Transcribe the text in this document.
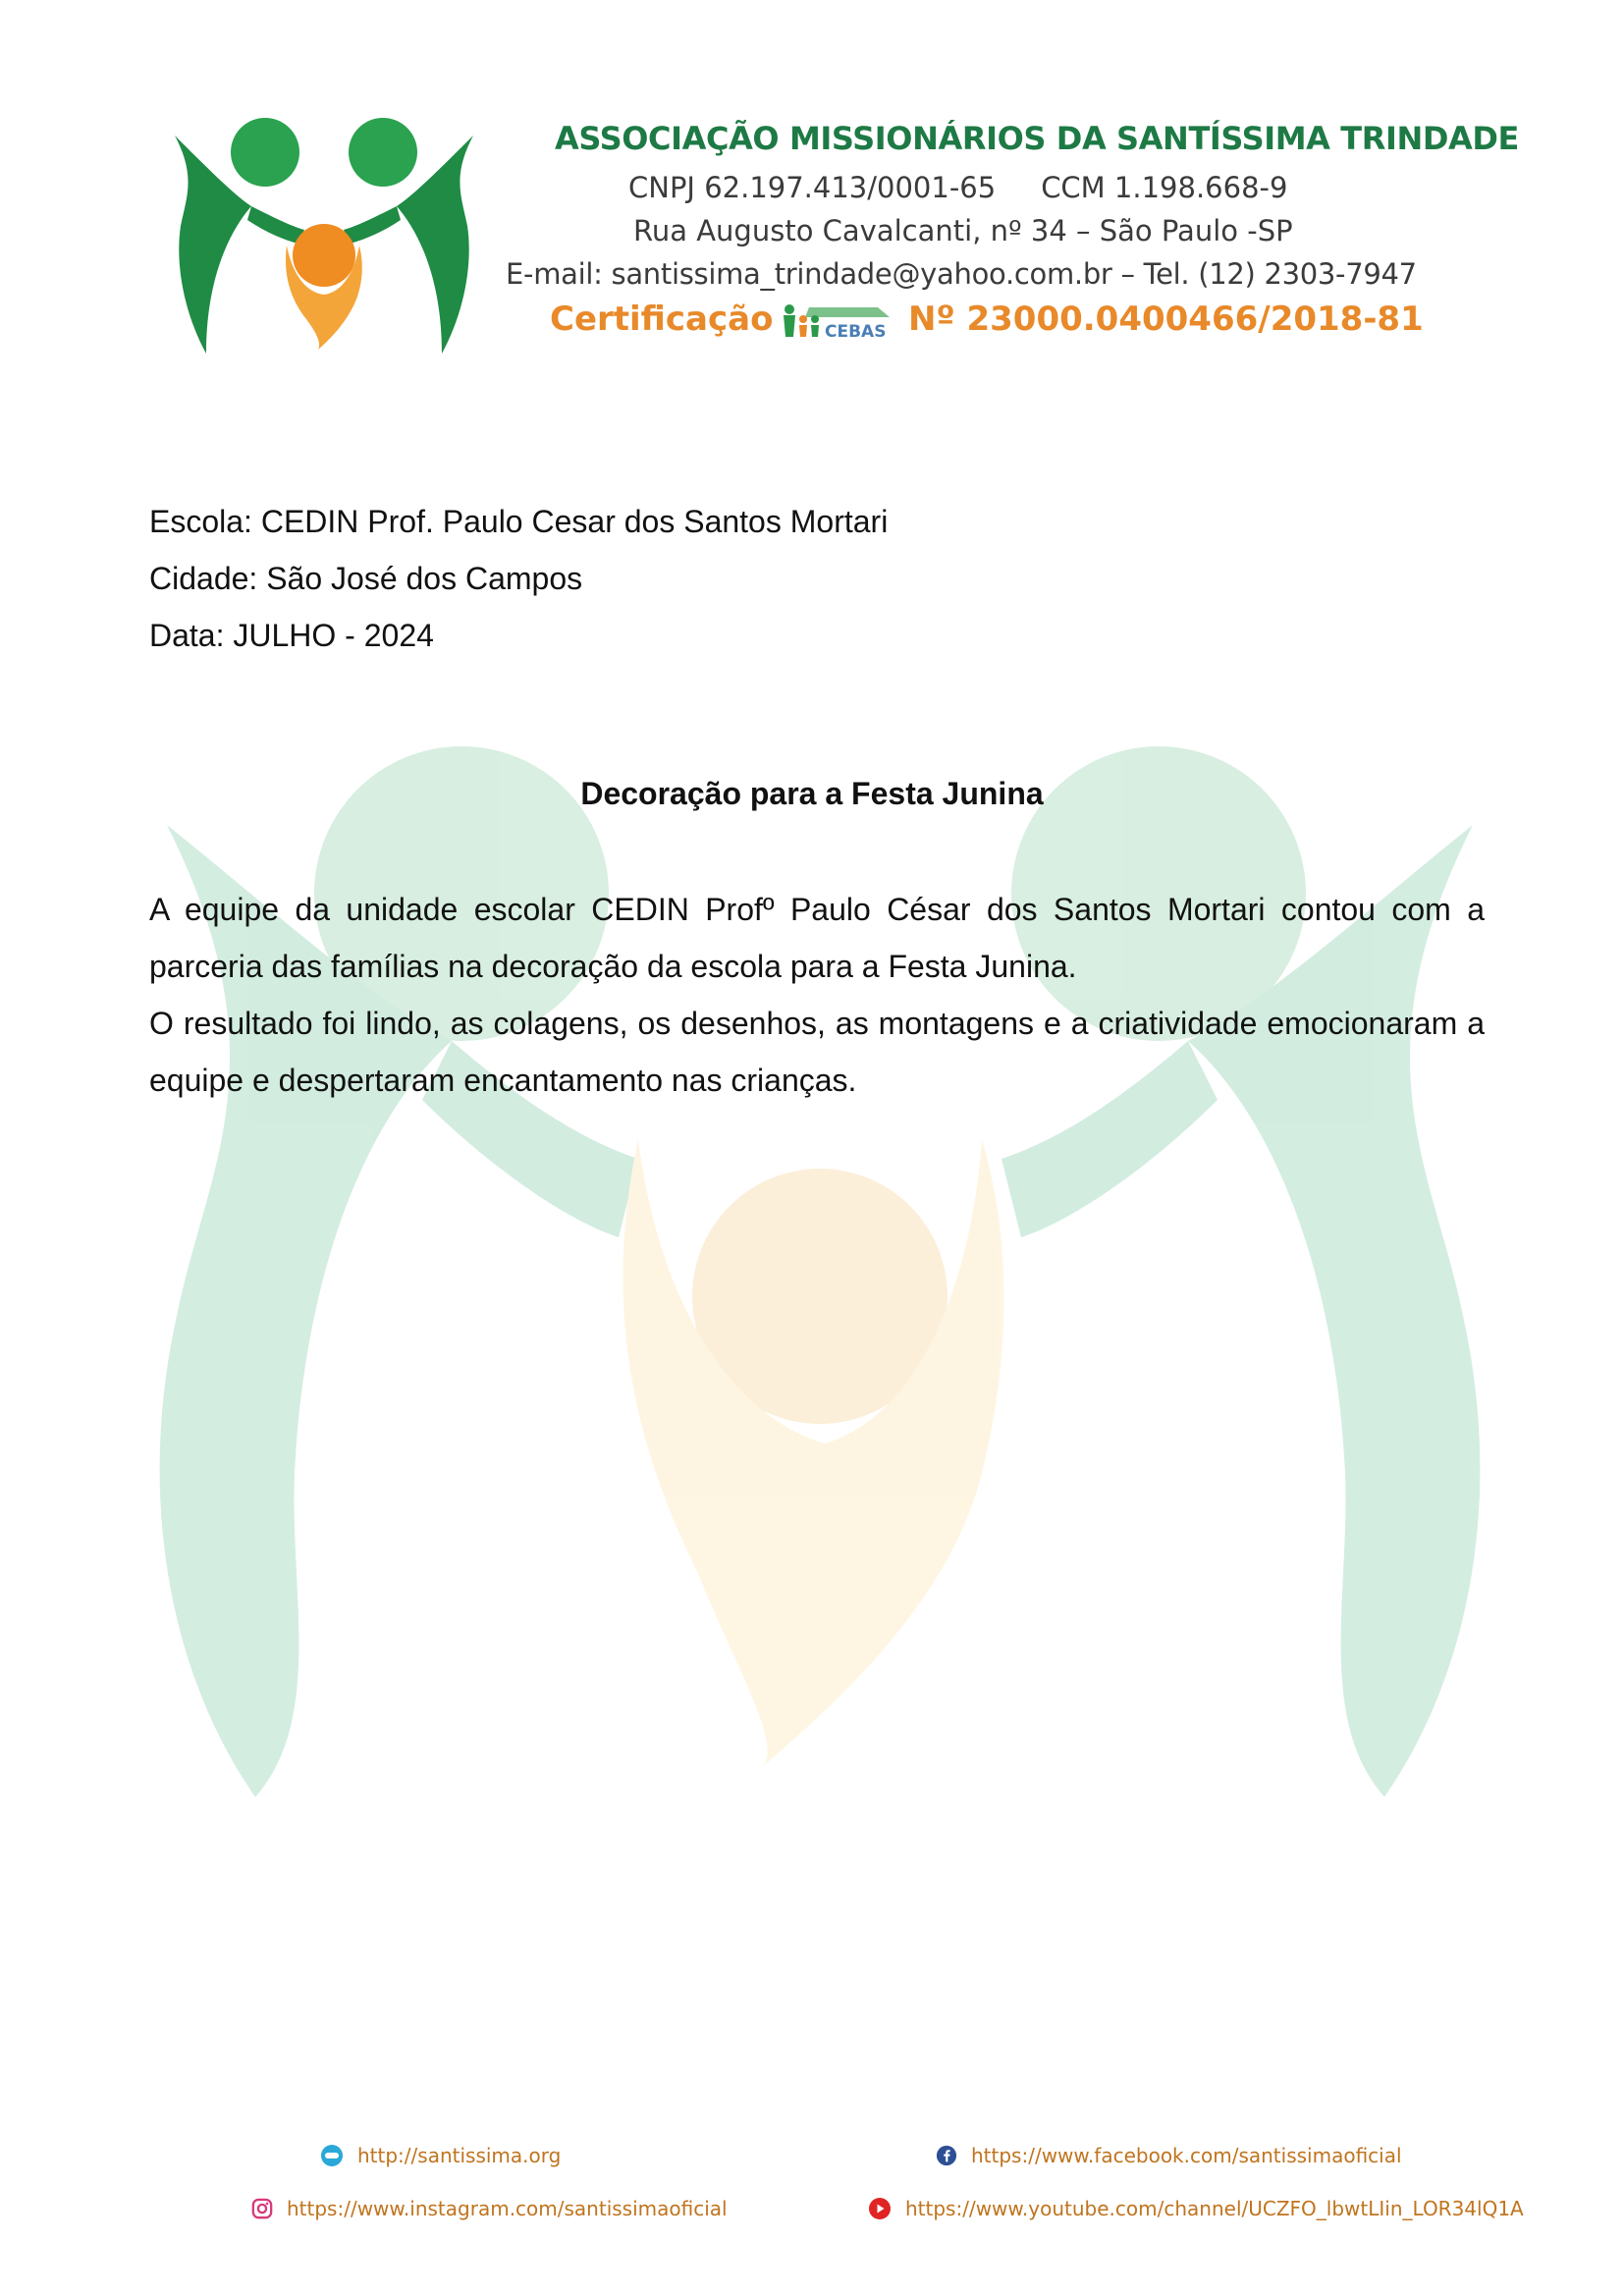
ASSOCIAÇÃO MISSIONÁRIOS DA SANTÍSSIMA TRINDADE
CNPJ 62.197.413/0001-65 CCM 1.198.668-9
Rua Augusto Cavalcanti, nº 34 – São Paulo -SP
E-mail: santissima_trindade@yahoo.com.br – Tel. (12) 2303-7947
Certificação	CEBAS Nº 23000.0400466/2018-81
Escola: CEDIN Prof. Paulo Cesar dos Santos Mortari
Cidade: São José dos Campos
Data: JULHO - 2024
Decoração para a Festa Junina

A equipe da unidade escolar CEDIN Profº Paulo César dos Santos Mortari contou com a parceria das famílias na decoração da escola para a Festa Junina.

O resultado foi lindo, as colagens, os desenhos, as montagens e a criatividade emocionaram a equipe e despertaram encantamento nas crianças.

http://santissima.org	https://www.facebook.com/santissimaoficial
https://www.instagram.com/santissimaoficial	https://www.youtube.com/channel/UCZFO_lbwtLIin_LOR34lQ1A
